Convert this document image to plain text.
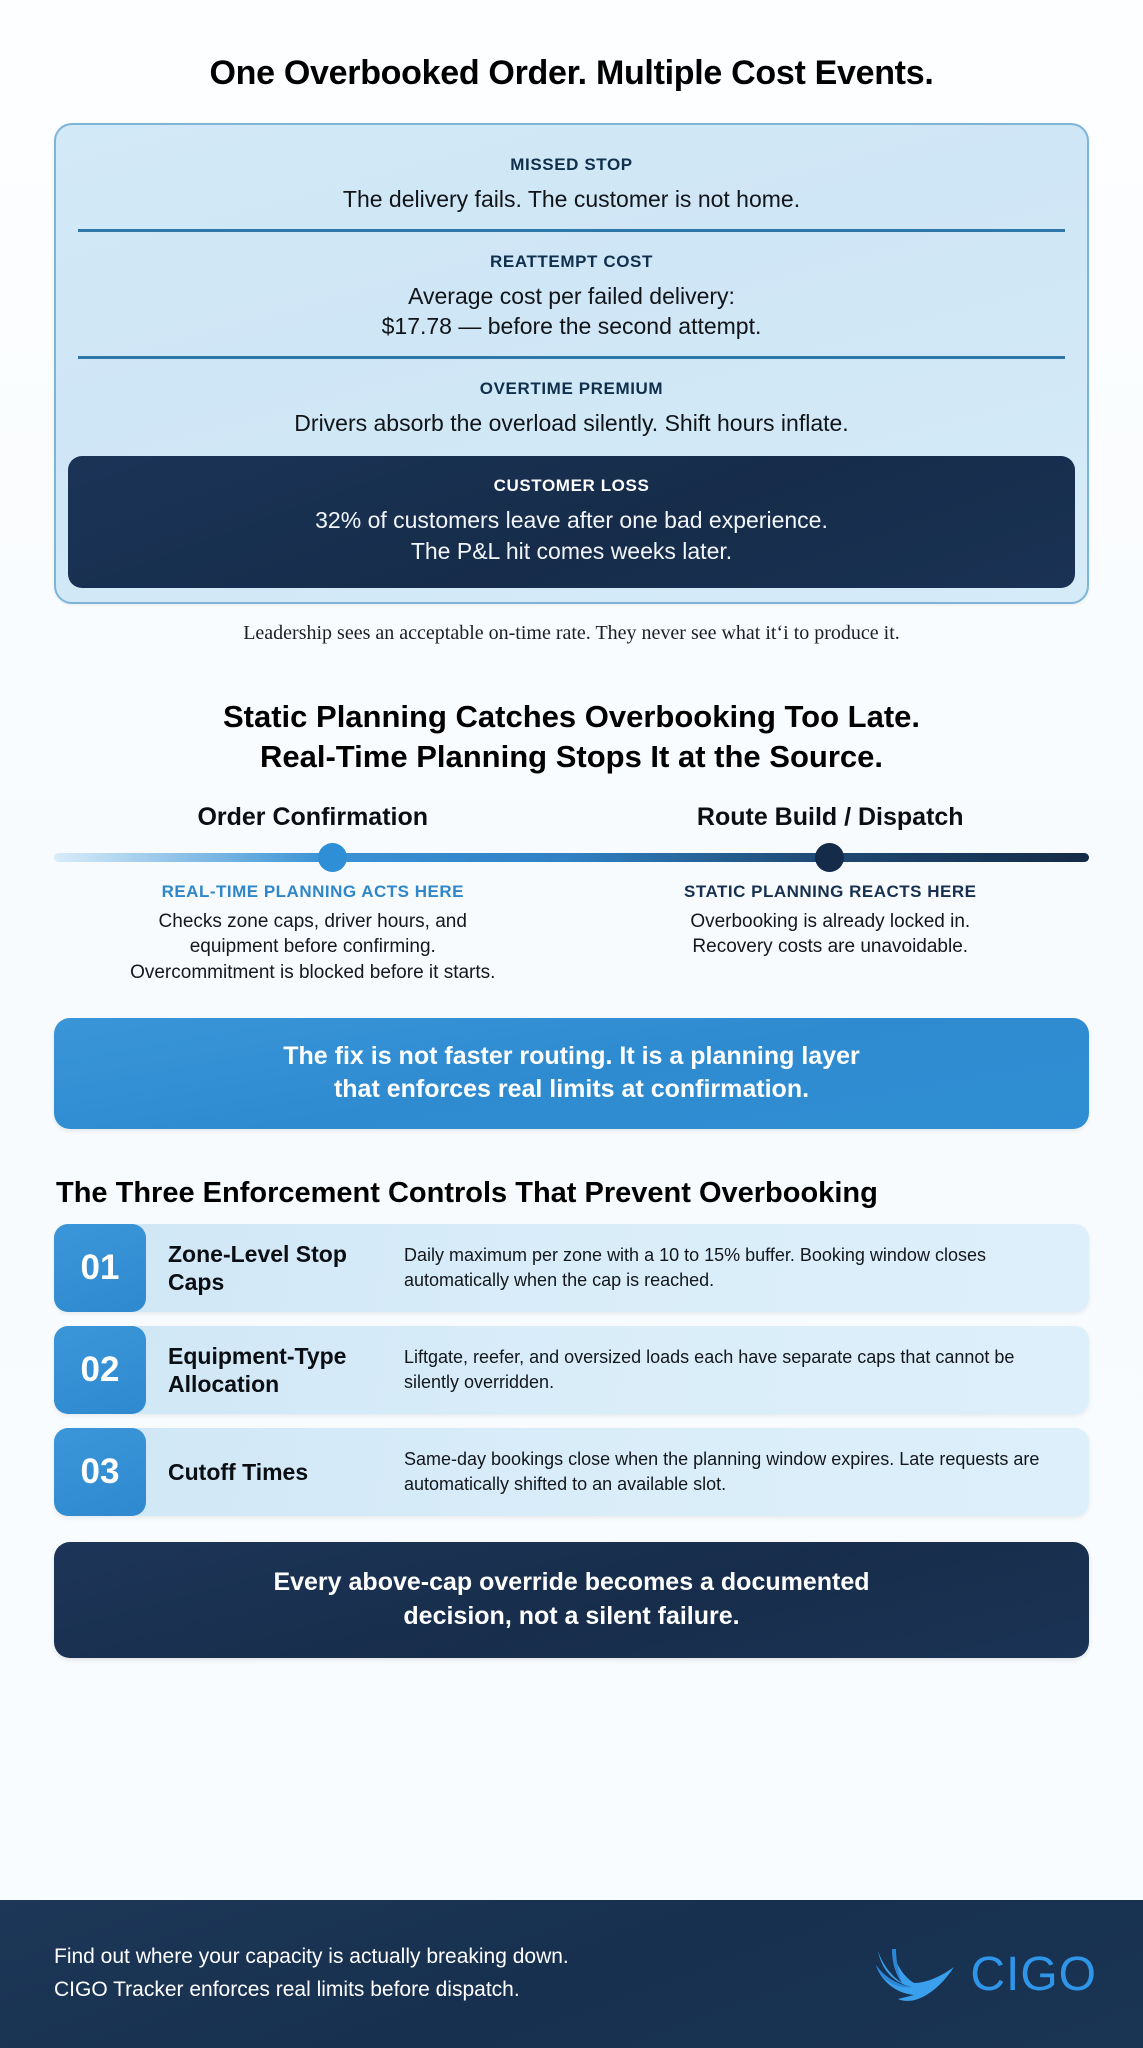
One Overbooked Order. Multiple Cost Events.
MISSED STOP
The delivery fails. The customer is not home.
REATTEMPT COST
Average cost per failed delivery:
$17.78 — before the second attempt.
OVERTIME PREMIUM
Drivers absorb the overload silently. Shift hours inflate.
CUSTOMER LOSS
32% of customers leave after one bad experience.
The P&L hit comes weeks later.
Leadership sees an acceptable on-time rate. They never see what it‘i to produce it.
Static Planning Catches Overbooking Too Late.
Real-Time Planning Stops It at the Source.
Order Confirmation	Route Build / Dispatch
REAL-TIME PLANNING ACTS HERE
Checks zone caps, driver hours, and
equipment before confirming.
Overcommitment is blocked before it starts.
STATIC PLANNING REACTS HERE
Overbooking is already locked in.
Recovery costs are unavoidable.
The fix is not faster routing. It is a planning layer
that enforces real limits at confirmation.
The Three Enforcement Controls That Prevent Overbooking
01	Zone-Level Stop Caps
Daily maximum per zone with a 10 to 15% buffer. Booking window closes automatically when the cap is reached.
02	Equipment-Type Allocation
Liftgate, reefer, and oversized loads each have separate caps that cannot be silently overridden.
03	Cutoff Times
Same-day bookings close when the planning window expires. Late requests are automatically shifted to an available slot.
Every above-cap override becomes a documented
decision, not a silent failure.
Find out where your capacity is actually breaking down.
CIGO Tracker enforces real limits before dispatch.	CIGO
